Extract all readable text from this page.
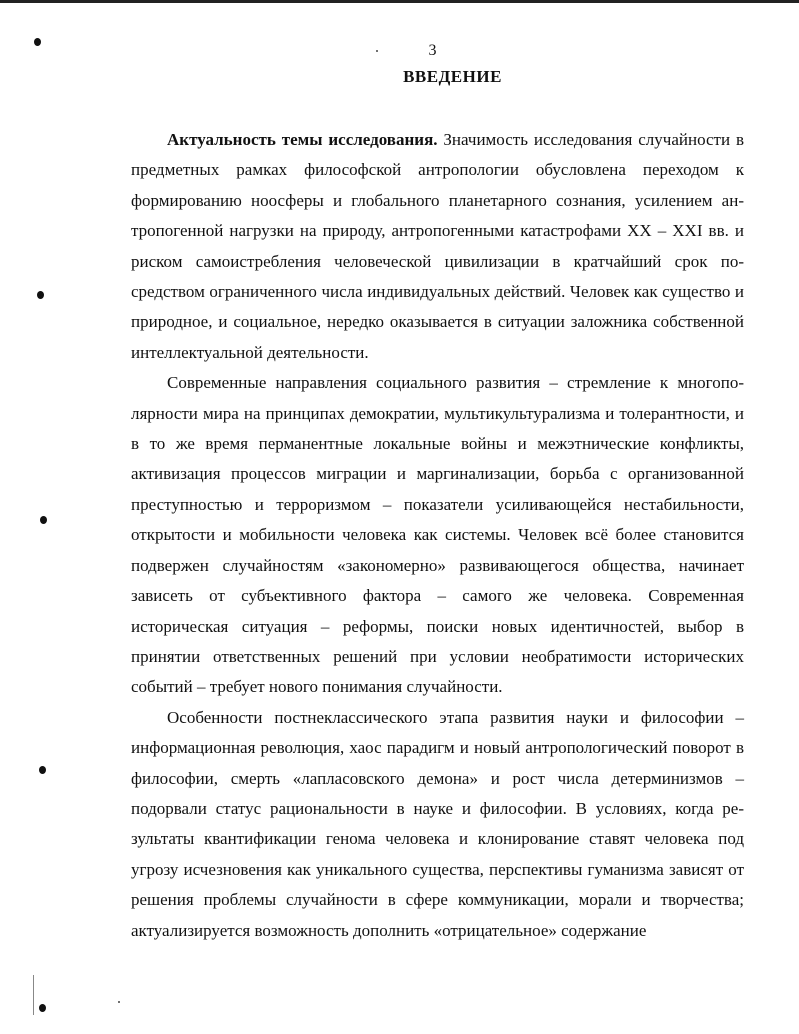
3
ВВЕДЕНИЕ

Актуальность темы исследования. Значимость исследования случайности в предметных рамках философской антропологии обусловлена переходом к формированию ноосферы и глобального планетарного сознания, усилением антропогенной нагрузки на природу, антропогенными катастрофами XX – XXI вв. и риском самоистребления человеческой цивилизации в кратчайший срок посредством ограниченного числа индивидуальных действий. Человек как существо и природное, и социальное, нередко оказывается в ситуации заложника собственной интеллектуальной деятельности.

Современные направления социального развития – стремление к многополярности мира на принципах демократии, мультикультурализма и толерантности, и в то же время перманентные локальные войны и межэтнические конфликты, активизация процессов миграции и маргинализации, борьба с организованной преступностью и терроризмом – показатели усиливающейся нестабильности, открытости и мобильности человека как системы. Человек всё более становится подвержен случайностям «закономерно» развивающегося общества, начинает зависеть от субъективного фактора – самого же человека. Современная историческая ситуация – реформы, поиски новых идентичностей, выбор в принятии ответственных решений при условии необратимости исторических событий – требует нового понимания случайности.

Особенности постнеклассического этапа развития науки и философии – информационная революция, хаос парадигм и новый антропологический поворот в философии, смерть «лапласовского демона» и рост числа детерминизмов – подорвали статус рациональности в науке и философии. В условиях, когда результаты квантификации генома человека и клонирование ставят человека под угрозу исчезновения как уникального существа, перспективы гуманизма зависят от решения проблемы случайности в сфере коммуникации, морали и творчества; актуализируется возможность дополнить «отрицательное» содержание
